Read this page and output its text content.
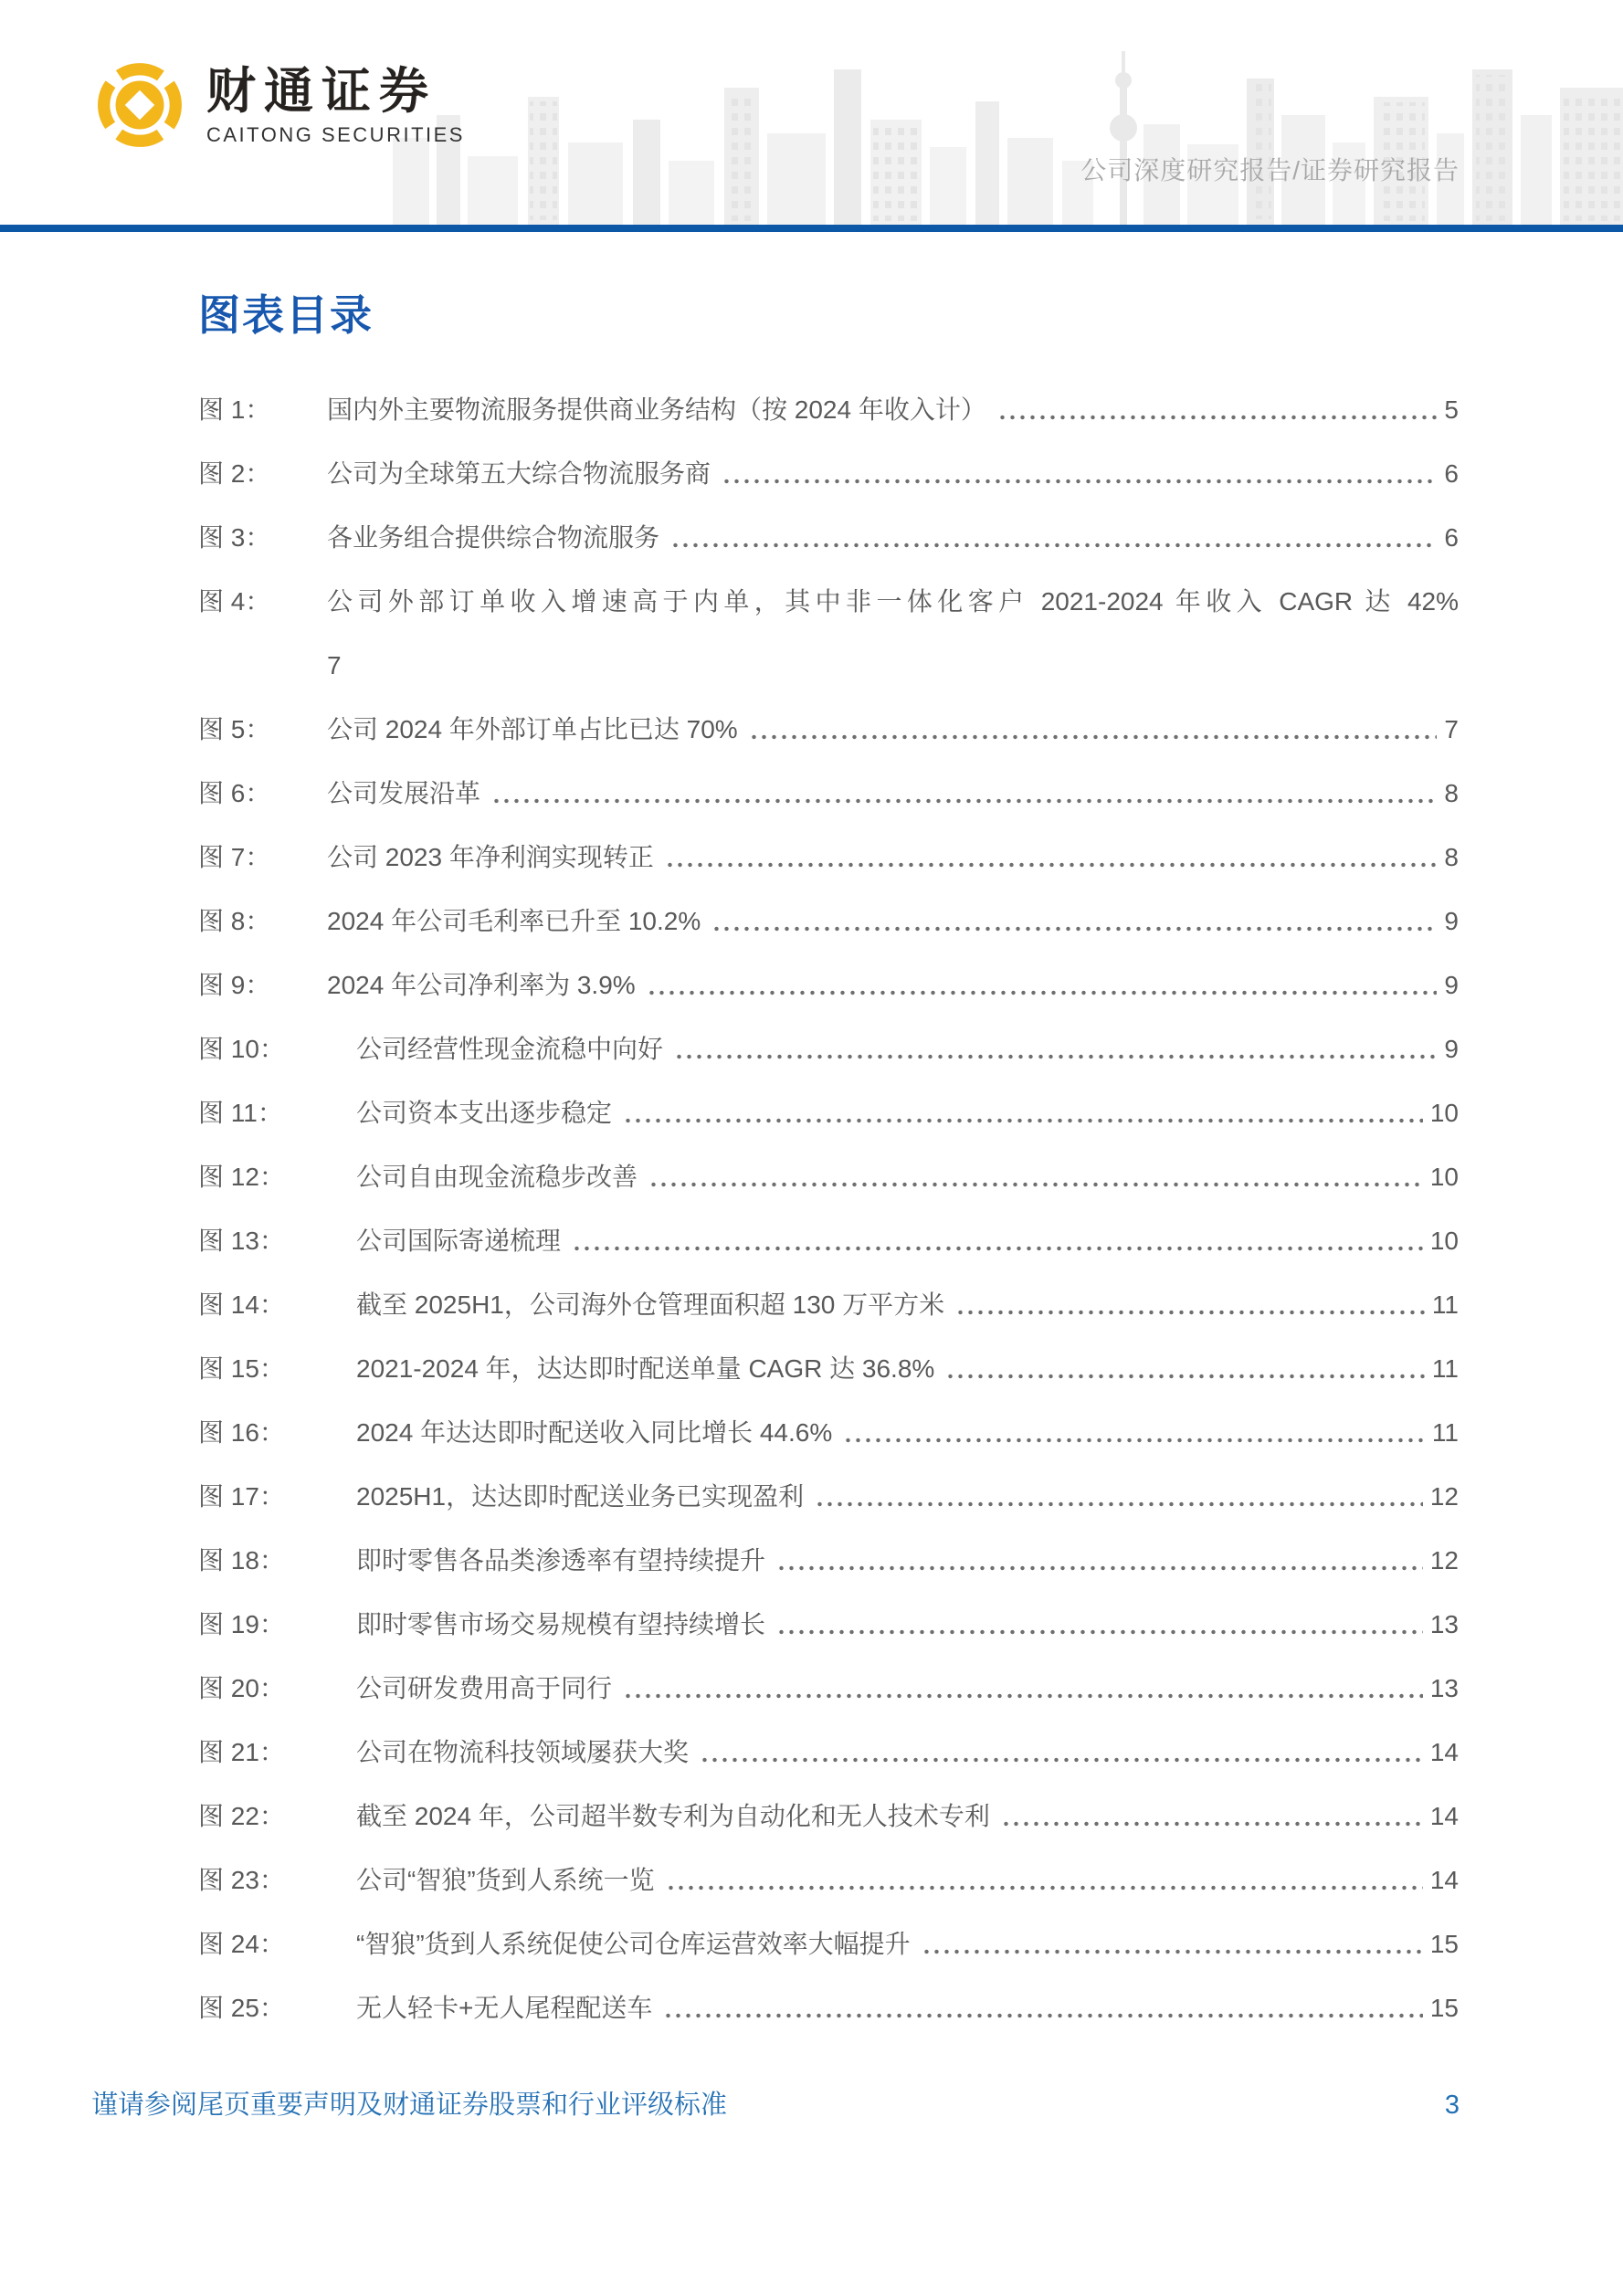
财通证券
CAITONG SECURITIES
公司深度研究报告/证券研究报告
图表目录
图 1：	国内外主要物流服务提供商业务结构（按 2024 年收入计）	5
图 2：	公司为全球第五大综合物流服务商	6
图 3：	各业务组合提供综合物流服务	6
图 4：	公司外部订单收入增速高于内单，其中非一体化客户 2021-2024 年收入 CAGR 达 42%
7
图 5：	公司 2024 年外部订单占比已达 70%	7
图 6：	公司发展沿革	8
图 7：	公司 2023 年净利润实现转正	8
图 8：	2024 年公司毛利率已升至 10.2%	9
图 9：	2024 年公司净利率为 3.9%	9
图 10：	公司经营性现金流稳中向好	9
图 11：	公司资本支出逐步稳定	10
图 12：	公司自由现金流稳步改善	10
图 13：	公司国际寄递梳理	10
图 14：	截至 2025H1，公司海外仓管理面积超 130 万平方米	11
图 15：	2021-2024 年，达达即时配送单量 CAGR 达 36.8%	11
图 16：	2024 年达达即时配送收入同比增长 44.6%	11
图 17：	2025H1，达达即时配送业务已实现盈利	12
图 18：	即时零售各品类渗透率有望持续提升	12
图 19：	即时零售市场交易规模有望持续增长	13
图 20：	公司研发费用高于同行	13
图 21：	公司在物流科技领域屡获大奖	14
图 22：	截至 2024 年，公司超半数专利为自动化和无人技术专利	14
图 23：	公司“智狼”货到人系统一览	14
图 24：	“智狼”货到人系统促使公司仓库运营效率大幅提升	15
图 25：	无人轻卡+无人尾程配送车	15
谨请参阅尾页重要声明及财通证券股票和行业评级标准	3
